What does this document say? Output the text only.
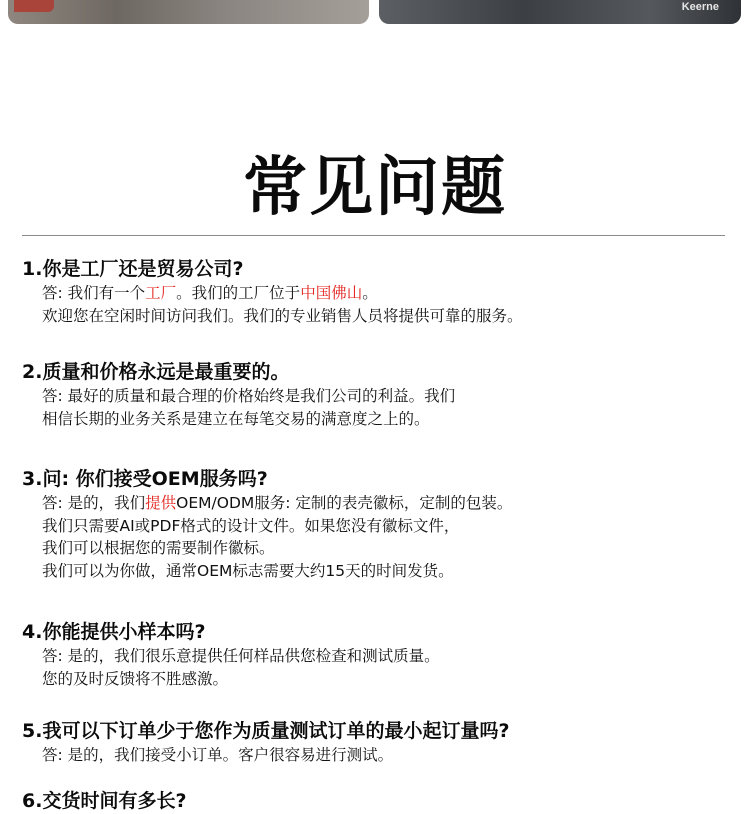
Keerne
常见问题
1.你是工厂还是贸易公司?

答: 我们有一个工厂。我们的工厂位于中国佛山。

欢迎您在空闲时间访问我们。我们的专业销售人员将提供可靠的服务。

2.质量和价格永远是最重要的。

答: 最好的质量和最合理的价格始终是我们公司的利益。我们

相信长期的业务关系是建立在每笔交易的满意度之上的。

3.问: 你们接受OEM服务吗?

答: 是的，我们提供OEM/ODM服务: 定制的表壳徽标，定制的包装。

我们只需要AI或PDF格式的设计文件。如果您没有徽标文件，

我们可以根据您的需要制作徽标。

我们可以为你做，通常OEM标志需要大约15天的时间发货。

4.你能提供小样本吗?

答: 是的，我们很乐意提供任何样品供您检查和测试质量。

您的及时反馈将不胜感激。

5.我可以下订单少于您作为质量测试订单的最小起订量吗?

答: 是的，我们接受小订单。客户很容易进行测试。

6.交货时间有多长?
